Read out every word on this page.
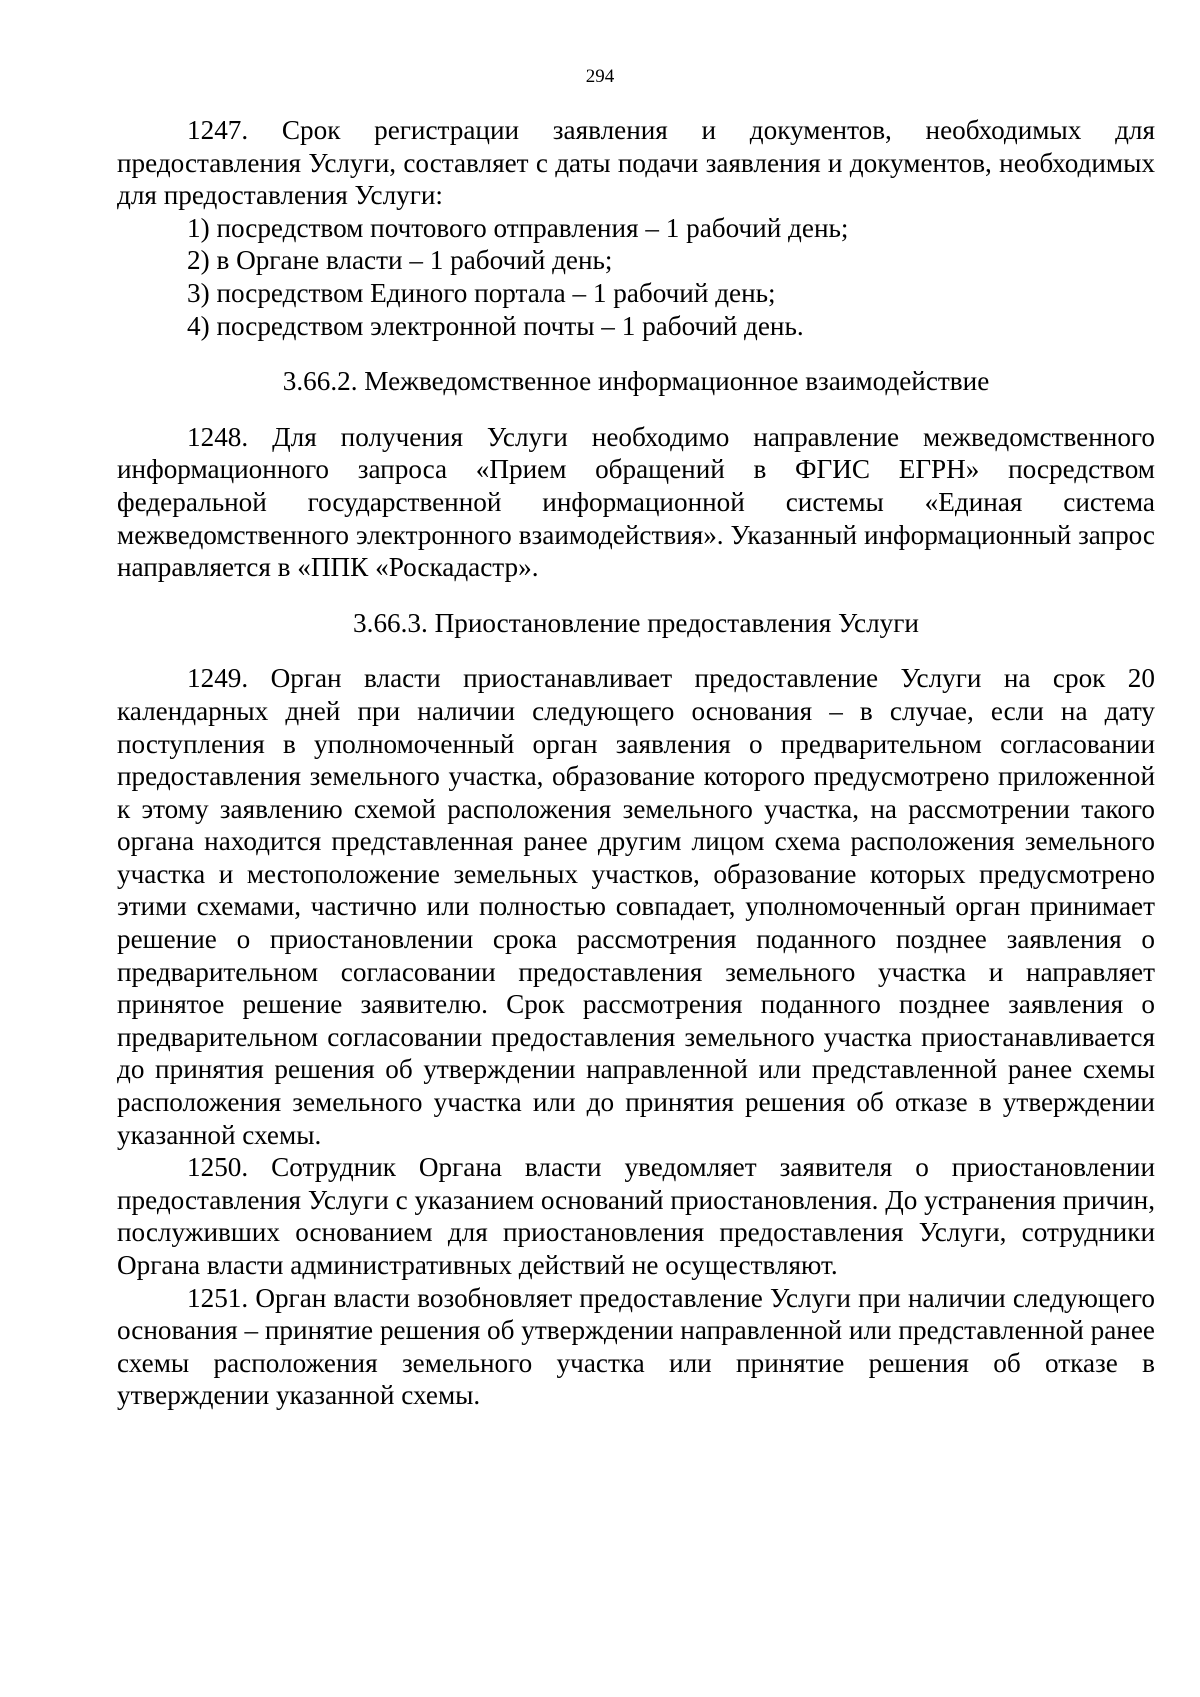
294

1247. Срок регистрации заявления и документов, необходимых для предоставления Услуги, составляет с даты подачи заявления и документов, необходимых для предоставления Услуги:

1) посредством почтового отправления – 1 рабочий день;

2) в Органе власти – 1 рабочий день;

3) посредством Единого портала – 1 рабочий день;

4) посредством электронной почты – 1 рабочий день.

3.66.2. Межведомственное информационное взаимодействие

1248. Для получения Услуги необходимо направление межведомственного информационного запроса «Прием обращений в ФГИС ЕГРН» посредством федеральной государственной информационной системы «Единая система межведомственного электронного взаимодействия». Указанный информационный запрос направляется в «ППК «Роскадастр».

3.66.3. Приостановление предоставления Услуги

1249. Орган власти приостанавливает предоставление Услуги на срок 20 календарных дней при наличии следующего основания – в случае, если на дату поступления в уполномоченный орган заявления о предварительном согласовании предоставления земельного участка, образование которого предусмотрено приложенной к этому заявлению схемой расположения земельного участка, на рассмотрении такого органа находится представленная ранее другим лицом схема расположения земельного участка и местоположение земельных участков, образование которых предусмотрено этими схемами, частично или полностью совпадает, уполномоченный орган принимает решение о приостановлении срока рассмотрения поданного позднее заявления о предварительном согласовании предоставления земельного участка и направляет принятое решение заявителю. Срок рассмотрения поданного позднее заявления о предварительном согласовании предоставления земельного участка приостанавливается до принятия решения об утверждении направленной или представленной ранее схемы расположения земельного участка или до принятия решения об отказе в утверждении указанной схемы.

1250. Сотрудник Органа власти уведомляет заявителя о приостановлении предоставления Услуги с указанием оснований приостановления. До устранения причин, послуживших основанием для приостановления предоставления Услуги, сотрудники Органа власти административных действий не осуществляют.

1251. Орган власти возобновляет предоставление Услуги при наличии следующего основания – принятие решения об утверждении направленной или представленной ранее схемы расположения земельного участка или принятие решения об отказе в утверждении указанной схемы.
